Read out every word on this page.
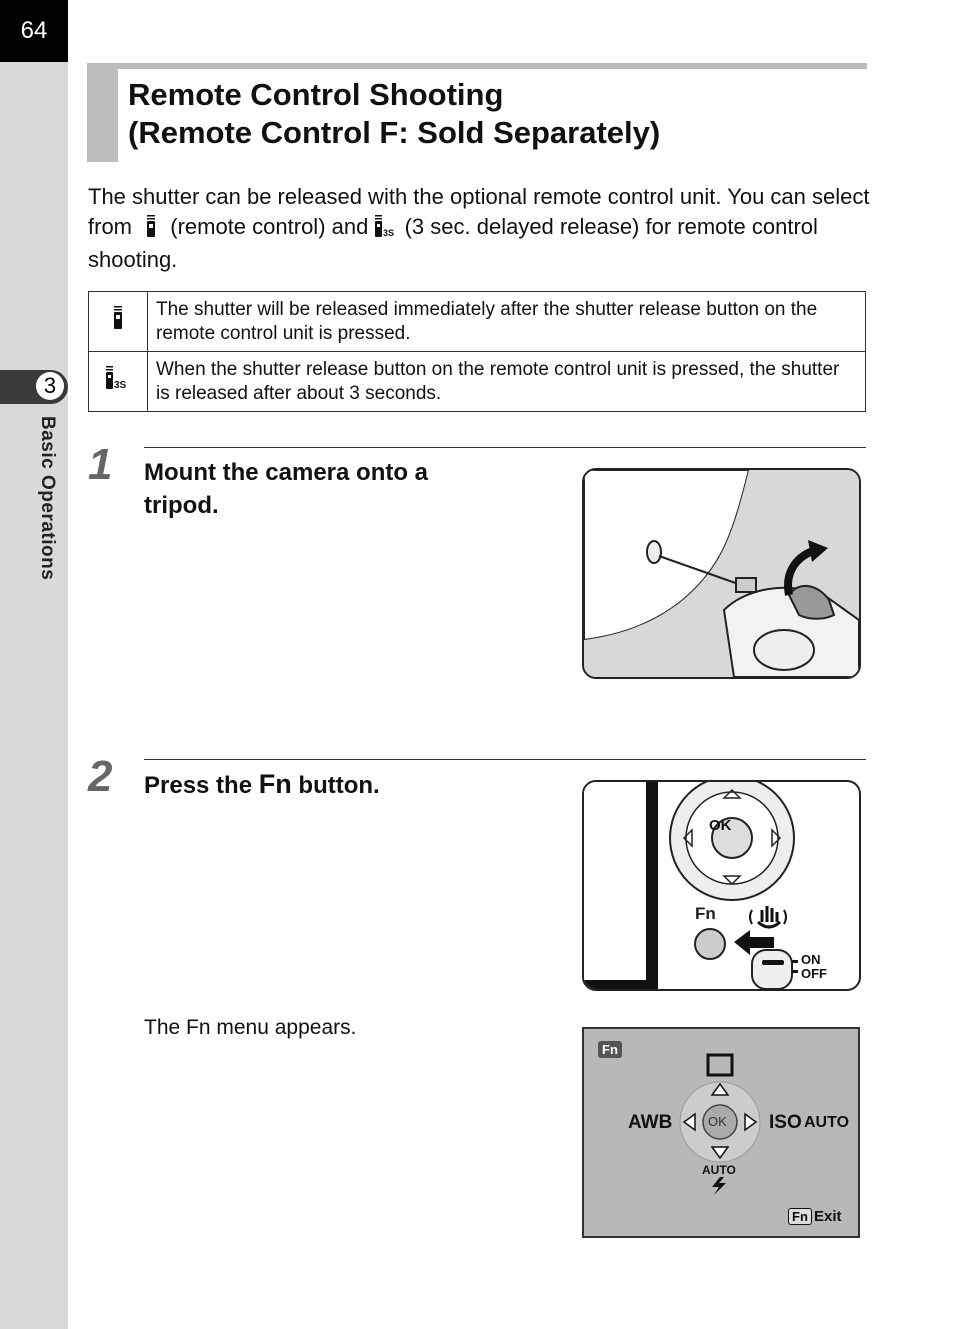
64
3
Basic Operations
Remote Control Shooting
(Remote Control F: Sold Separately)

The shutter can be released with the optional remote control unit. You can select from (remote control) and 3S (3 sec. delayed release) for remote control shooting.

	The shutter will be released immediately after the shutter release button on the remote control unit is pressed.

3S	When the shutter release button on the remote control unit is pressed, the shutter is released after about 3 seconds.
1 Mount the camera onto a tripod.

2 Press the Fn button.

OK
Fn
ON
OFF
The Fn menu appears.
Fn
OK
AWB	ISO AUTO
AUTO
Fn Exit
